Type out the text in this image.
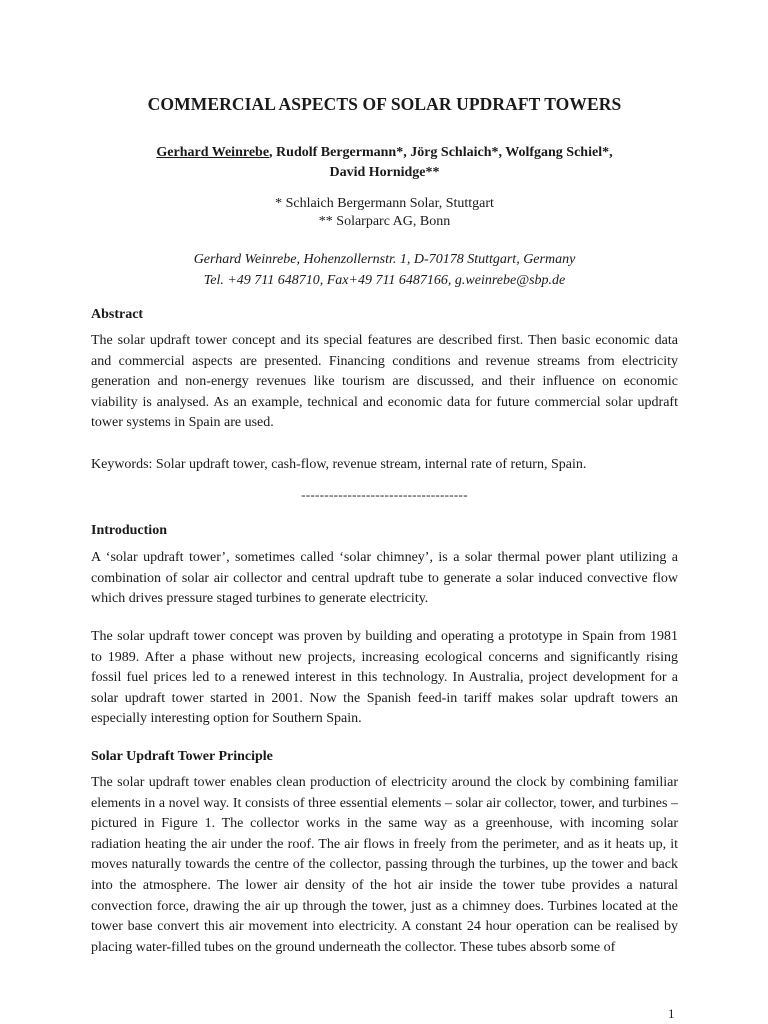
COMMERCIAL ASPECTS OF SOLAR UPDRAFT TOWERS
Gerhard Weinrebe, Rudolf Bergermann*, Jörg Schlaich*, Wolfgang Schiel*,
David Hornidge**
* Schlaich Bergermann Solar, Stuttgart
** Solarparc AG, Bonn
Gerhard Weinrebe, Hohenzollernstr. 1, D-70178 Stuttgart, Germany
Tel. +49 711 648710, Fax+49 711 6487166, g.weinrebe@sbp.de
Abstract

The solar updraft tower concept and its special features are described first. Then basic economic data and commercial aspects are presented. Financing conditions and revenue streams from electricity generation and non-energy revenues like tourism are discussed, and their influence on economic viability is analysed. As an example, technical and economic data for future commercial solar updraft tower systems in Spain are used.

Keywords: Solar updraft tower, cash-flow, revenue stream, internal rate of return, Spain.

------------------------------------
Introduction

A ‘solar updraft tower’, sometimes called ‘solar chimney’, is a solar thermal power plant utilizing a combination of solar air collector and central updraft tube to generate a solar induced convective flow which drives pressure staged turbines to generate electricity.

The solar updraft tower concept was proven by building and operating a prototype in Spain from 1981 to 1989. After a phase without new projects, increasing ecological concerns and significantly rising fossil fuel prices led to a renewed interest in this technology. In Australia, project development for a solar updraft tower started in 2001. Now the Spanish feed-in tariff makes solar updraft towers an especially interesting option for Southern Spain.

Solar Updraft Tower Principle

The solar updraft tower enables clean production of electricity around the clock by combining familiar elements in a novel way. It consists of three essential elements – solar air collector, tower, and turbines – pictured in Figure 1. The collector works in the same way as a greenhouse, with incoming solar radiation heating the air under the roof. The air flows in freely from the perimeter, and as it heats up, it moves naturally towards the centre of the collector, passing through the turbines, up the tower and back into the atmosphere. The lower air density of the hot air inside the tower tube provides a natural convection force, drawing the air up through the tower, just as a chimney does. Turbines located at the tower base convert this air movement into electricity. A constant 24 hour operation can be realised by placing water-filled tubes on the ground underneath the collector. These tubes absorb some of

1
